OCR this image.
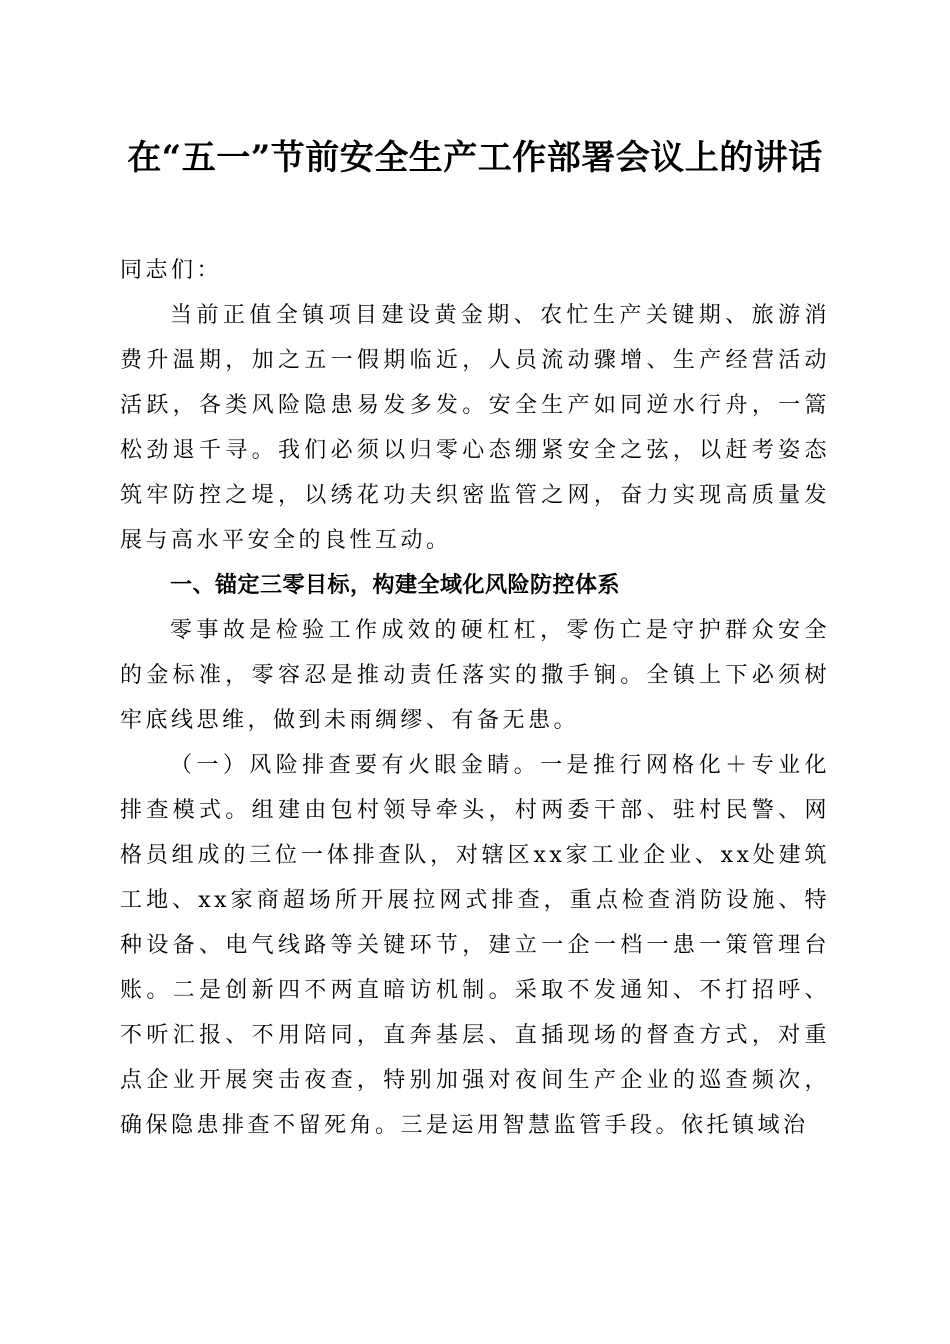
在“五一”节前安全生产工作部署会议上的讲话

同志们：

当前正值全镇项目建设黄金期、农忙生产关键期、旅游消费升温期，加之五一假期临近，人员流动骤增、生产经营活动活跃，各类风险隐患易发多发。安全生产如同逆水行舟，一篙松劲退千寻。我们必须以归零心态绷紧安全之弦，以赶考姿态筑牢防控之堤，以绣花功夫织密监管之网，奋力实现高质量发展与高水平安全的良性互动。

一、锚定三零目标，构建全域化风险防控体系

零事故是检验工作成效的硬杠杠，零伤亡是守护群众安全的金标准，零容忍是推动责任落实的撒手锏。全镇上下必须树牢底线思维，做到未雨绸缪、有备无患。

（一）风险排查要有火眼金睛。一是推行网格化＋专业化排查模式。组建由包村领导牵头，村两委干部、驻村民警、网格员组成的三位一体排查队，对辖区xx家工业企业、xx处建筑工地、xx家商超场所开展拉网式排查，重点检查消防设施、特种设备、电气线路等关键环节，建立一企一档一患一策管理台账。二是创新四不两直暗访机制。采取不发通知、不打招呼、不听汇报、不用陪同，直奔基层、直插现场的督查方式，对重点企业开展突击夜查，特别加强对夜间生产企业的巡查频次，确保隐患排查不留死角。三是运用智慧监管手段。依托镇域治
